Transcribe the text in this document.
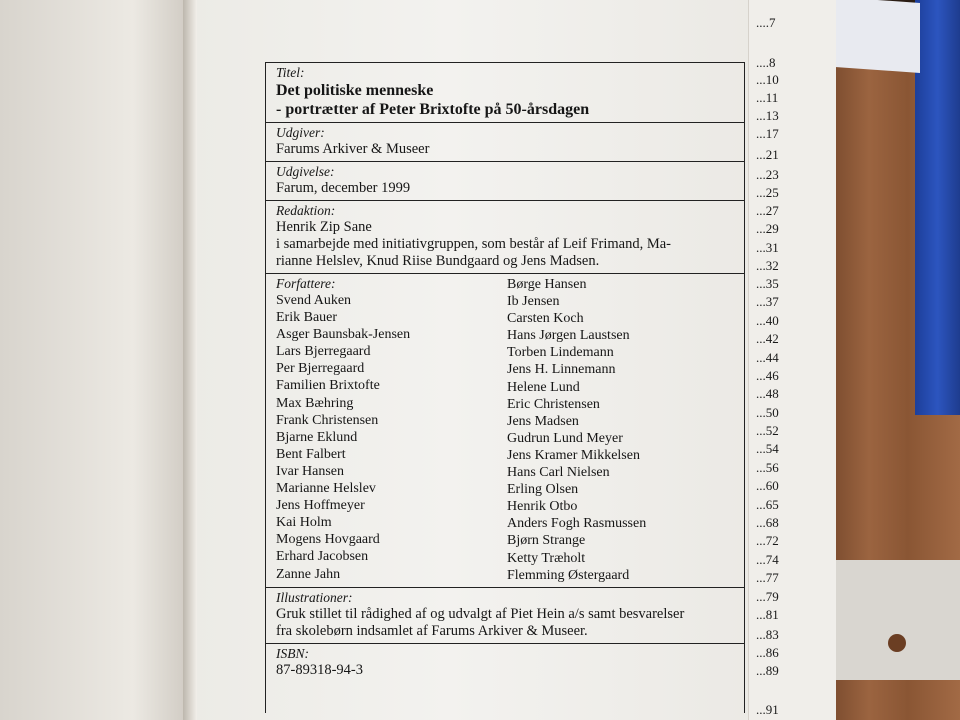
....7
....8
...10
...11
...13
...17
...21
...23
...25
...27
...29
...31
...32
...35
...37
...40
...42
...44
...46
...48
...50
...52
...54
...56
...60
...65
...68
...72
...74
...77
...79
...81
...83
...86
...89
...91
Titel:
Det politiske menneske
- portrætter af Peter Brixtofte på 50-årsdagen
Udgiver:
Farums Arkiver & Museer
Udgivelse:
Farum, december 1999
Redaktion:
Henrik Zip Sane
i samarbejde med initiativgruppen, som består af Leif Frimand, Ma-
rianne Helslev, Knud Riise Bundgaard og Jens Madsen.
Forfattere:
Svend Auken
Erik Bauer
Asger Baunsbak-Jensen
Lars Bjerregaard
Per Bjerregaard
Familien Brixtofte
Max Bæhring
Frank Christensen
Bjarne Eklund
Bent Falbert
Ivar Hansen
Marianne Helslev
Jens Hoffmeyer
Kai Holm
Mogens Hovgaard
Erhard Jacobsen
Zanne Jahn
Børge Hansen
Ib Jensen
Carsten Koch
Hans Jørgen Laustsen
Torben Lindemann
Jens H. Linnemann
Helene Lund
Eric Christensen
Jens Madsen
Gudrun Lund Meyer
Jens Kramer Mikkelsen
Hans Carl Nielsen
Erling Olsen
Henrik Otbo
Anders Fogh Rasmussen
Bjørn Strange
Ketty Træholt
Flemming Østergaard
Illustrationer:
Gruk stillet til rådighed af og udvalgt af Piet Hein a/s samt besvarelser
fra skolebørn indsamlet af Farums Arkiver & Museer.
ISBN:
87-89318-94-3
